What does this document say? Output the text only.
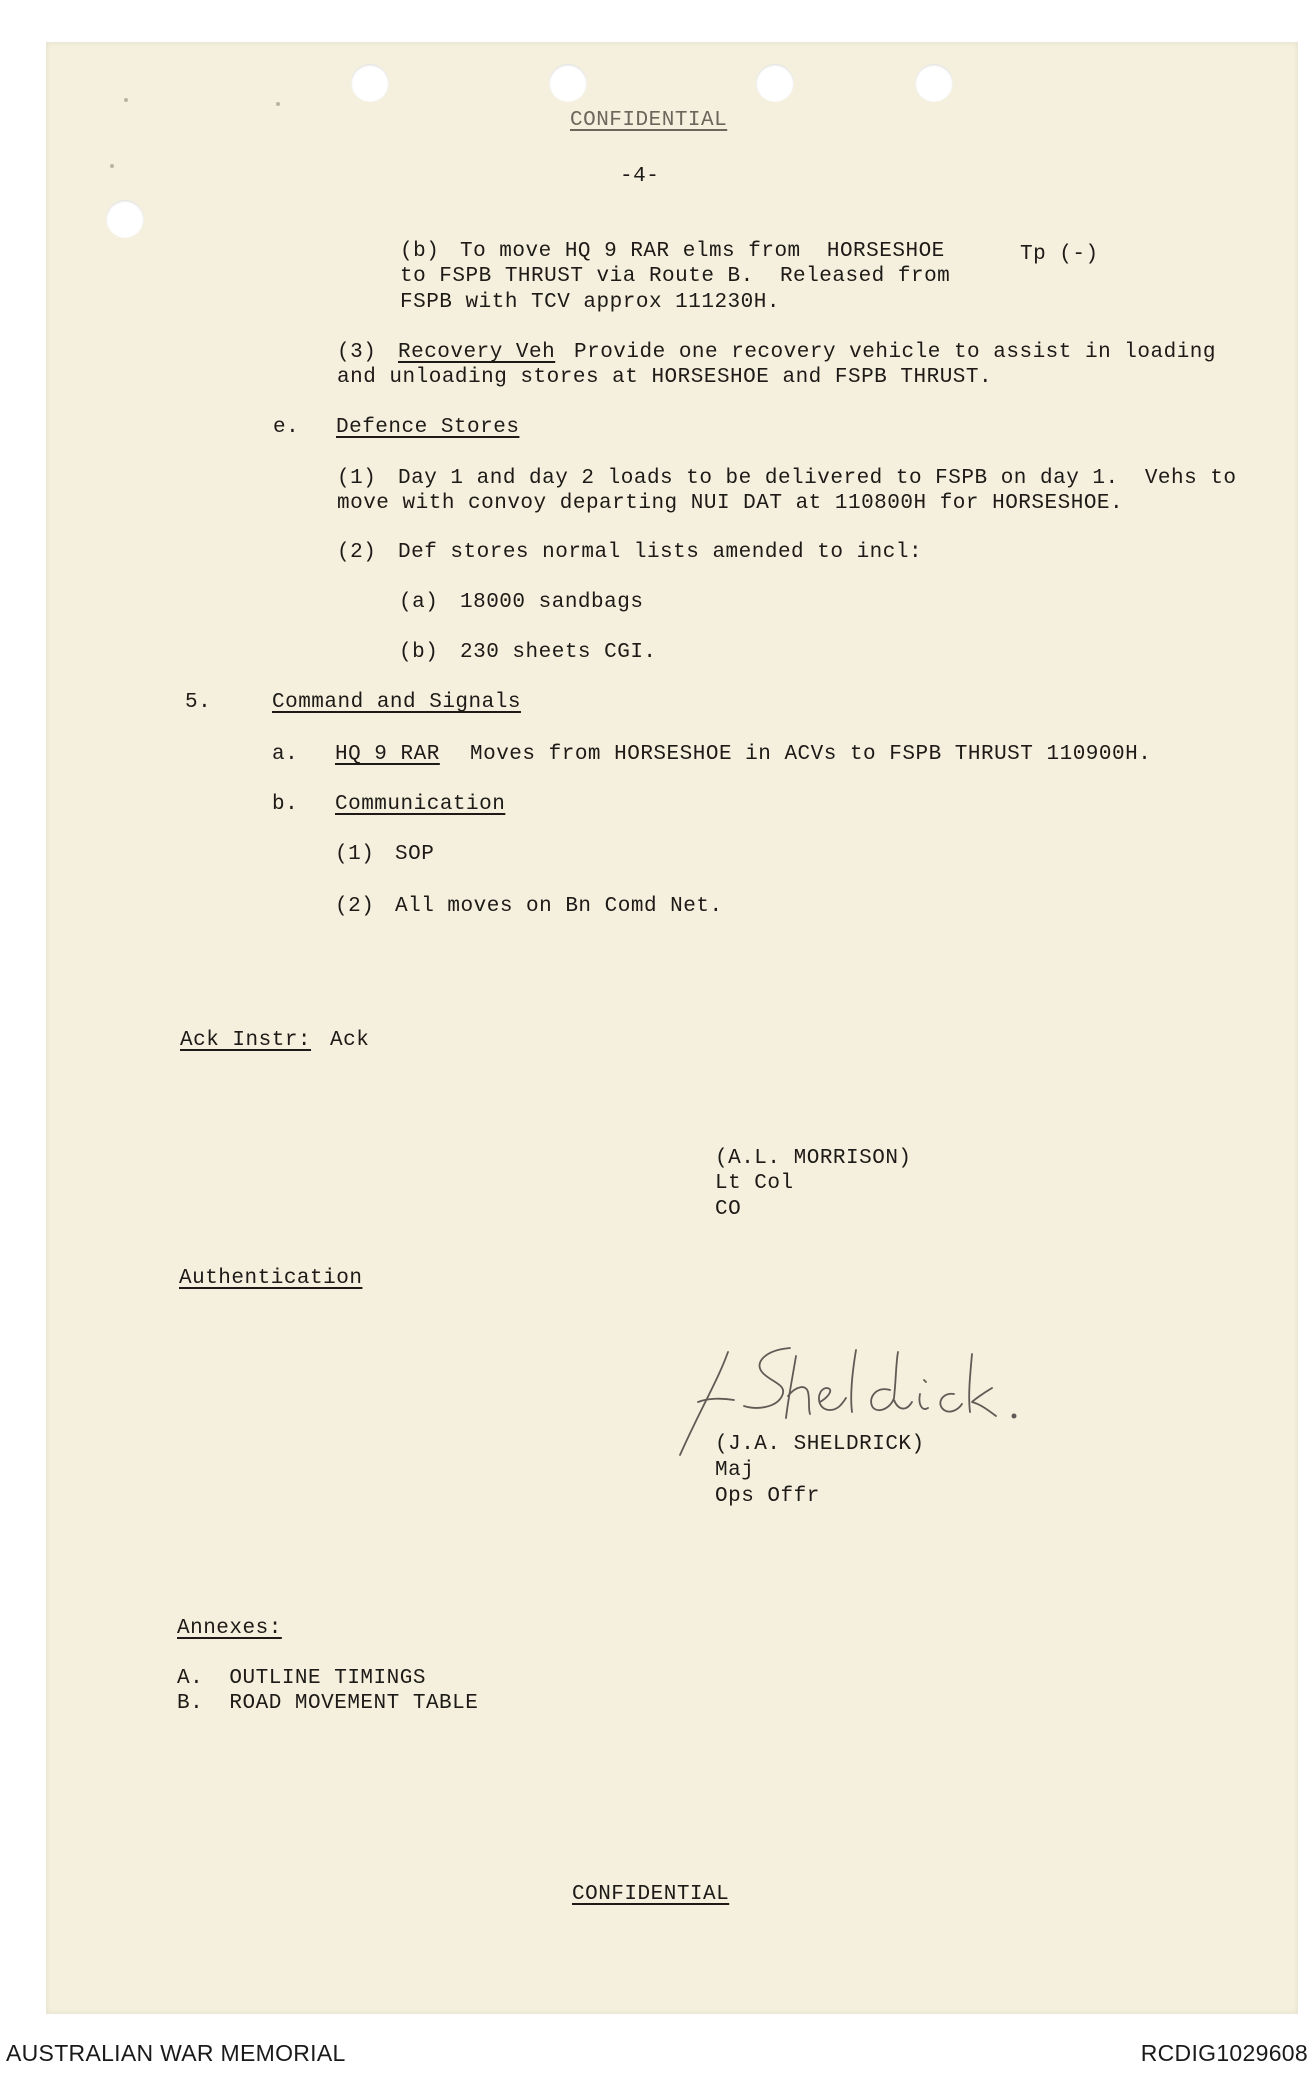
CONFIDENTIAL
-4-
(b) To move HQ 9 RAR elms from  HORSESHOE	Tp (-)
to FSPB THRUST via Route B.  Released from
FSPB with TCV approx 111230H.
(3) Recovery Veh Provide one recovery vehicle to assist in loading
and unloading stores at HORSESHOE and FSPB THRUST.
e. Defence Stores
(1) Day 1 and day 2 loads to be delivered to FSPB on day 1.  Vehs to
move with convoy departing NUI DAT at 110800H for HORSESHOE.
(2) Def stores normal lists amended to incl:
(a) 18000 sandbags
(b) 230 sheets CGI.
5.	Command and Signals
a. HQ 9 RAR Moves from HORSESHOE in ACVs to FSPB THRUST 110900H.
b. Communication
(1) SOP
(2) All moves on Bn Comd Net.
Ack Instr: Ack
(A.L. MORRISON)
Lt Col
CO
Authentication
(J.A. SHELDRICK)
Maj
Ops Offr
Annexes:
A.  OUTLINE TIMINGS
B.  ROAD MOVEMENT TABLE
CONFIDENTIAL
AUSTRALIAN WAR MEMORIAL	RCDIG1029608
